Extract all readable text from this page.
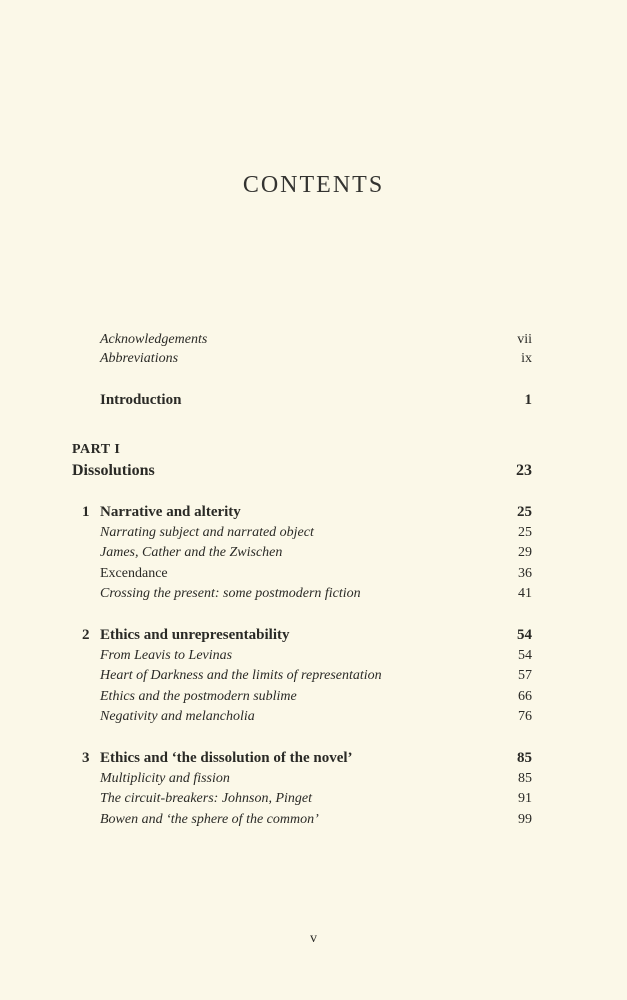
CONTENTS
Acknowledgements	vii
Abbreviations	ix
Introduction	1
PART I
Dissolutions	23
1 Narrative and alterity	25
Narrating subject and narrated object	25
James, Cather and the Zwischen	29
Excendance	36
Crossing the present: some postmodern fiction	41
2 Ethics and unrepresentability	54
From Leavis to Levinas	54
Heart of Darkness and the limits of representation	57
Ethics and the postmodern sublime	66
Negativity and melancholia	76
3 Ethics and ‘the dissolution of the novel’	85
Multiplicity and fission	85
The circuit-breakers: Johnson, Pinget	91
Bowen and ‘the sphere of the common’	99
v
